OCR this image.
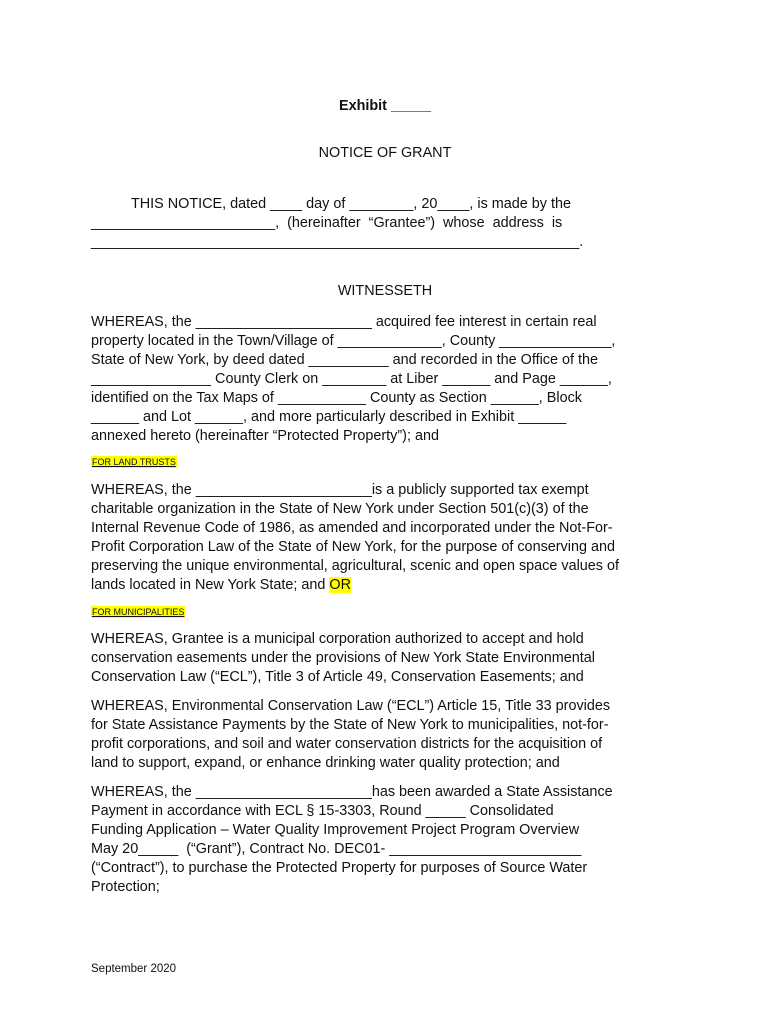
Exhibit _____
NOTICE OF GRANT
THIS NOTICE, dated ____ day of ________, 20____, is made by the
_______________________,  (hereinafter  “Grantee”)  whose  address  is
_____________________________________________________________.
WITNESSETH
WHEREAS, the ______________________ acquired fee interest in certain real
property located in the Town/Village of _____________, County ______________,
State of New York, by deed dated __________ and recorded in the Office of the
_______________ County Clerk on ________ at Liber ______ and Page ______,
identified on the Tax Maps of ___________ County as Section ______, Block
______ and Lot ______, and more particularly described in Exhibit ______
annexed hereto (hereinafter “Protected Property”); and
FOR LAND TRUSTS
WHEREAS, the ______________________is a publicly supported tax exempt
charitable organization in the State of New York under Section 501(c)(3) of the
Internal Revenue Code of 1986, as amended and incorporated under the Not-For-
Profit Corporation Law of the State of New York, for the purpose of conserving and
preserving the unique environmental, agricultural, scenic and open space values of
lands located in New York State; and OR
FOR MUNICIPALITIES
WHEREAS, Grantee is a municipal corporation authorized to accept and hold
conservation easements under the provisions of New York State Environmental
Conservation Law (“ECL”), Title 3 of Article 49, Conservation Easements; and
WHEREAS, Environmental Conservation Law (“ECL”) Article 15, Title 33 provides
for State Assistance Payments by the State of New York to municipalities, not-for-
profit corporations, and soil and water conservation districts for the acquisition of
land to support, expand, or enhance drinking water quality protection; and
WHEREAS, the ______________________has been awarded a State Assistance
Payment in accordance with ECL § 15-3303, Round _____ Consolidated
Funding Application – Water Quality Improvement Project Program Overview
May 20_____  (“Grant”), Contract No. DEC01- ________________________
(“Contract”), to purchase the Protected Property for purposes of Source Water
Protection;
September 2020
